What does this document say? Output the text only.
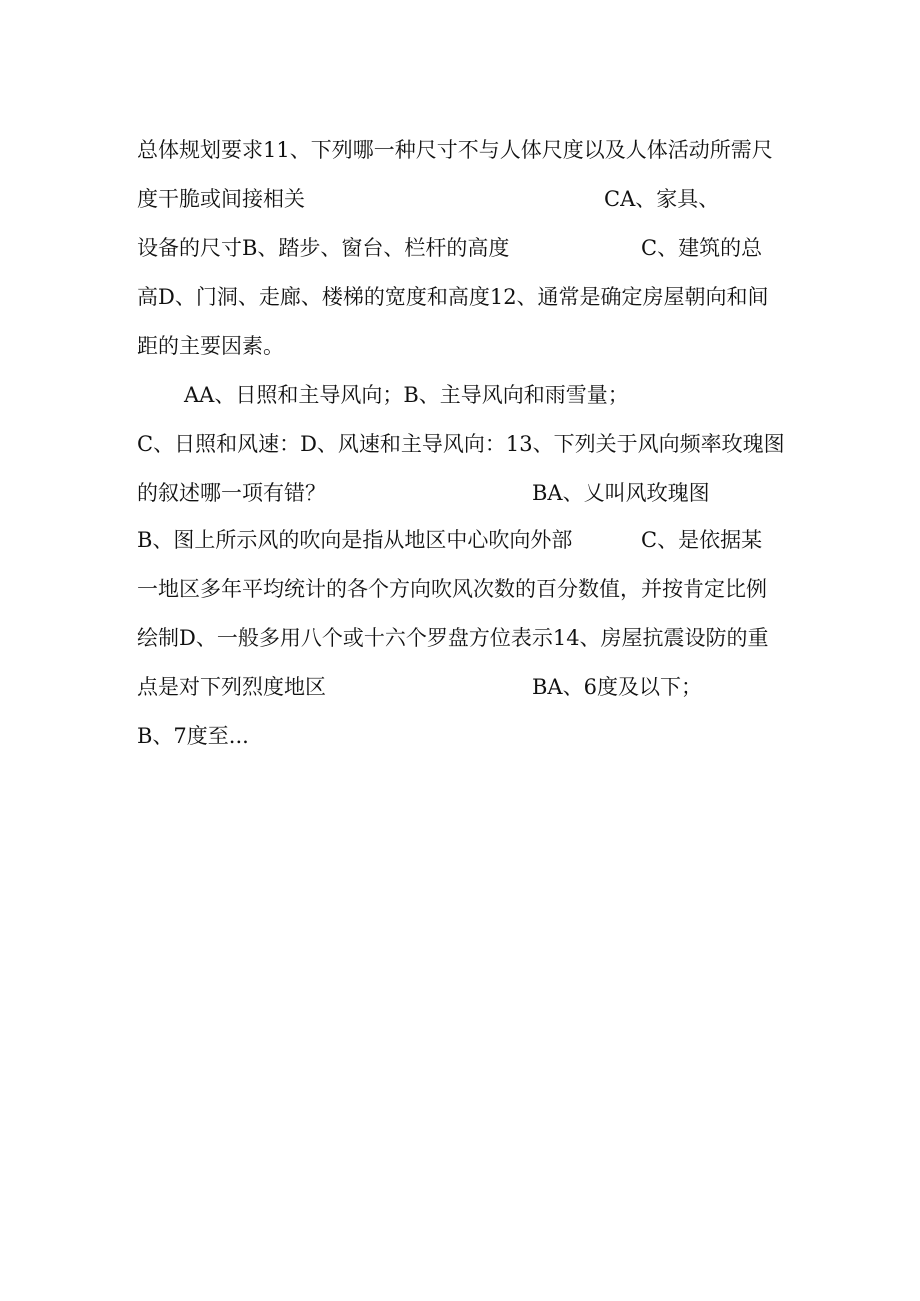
总体规划要求11、下列哪一种尺寸不与人体尺度以及人体活动所需尺

度干脆或间接相关

	CA、家具、

设备的尺寸B、踏步、窗台、栏杆的高度

	C、建筑的总

高D、门洞、走廊、楼梯的宽度和高度12、通常是确定房屋朝向和间

距的主要因素。

AA、日照和主导风向；B、主导风向和雨雪量；

C、日照和风速：D、风速和主导风向：13、下列关于风向频率玫瑰图

的叙述哪一项有错？

	BA、乂叫风玫瑰图

B、图上所示风的吹向是指从地区中心吹向外部

	C、是依据某

一地区多年平均统计的各个方向吹风次数的百分数值，并按肯定比例

绘制D、一般多用八个或十六个罗盘方位表示14、房屋抗震设防的重

点是对下列烈度地区

	BA、6度及以下；

B、7度至...
